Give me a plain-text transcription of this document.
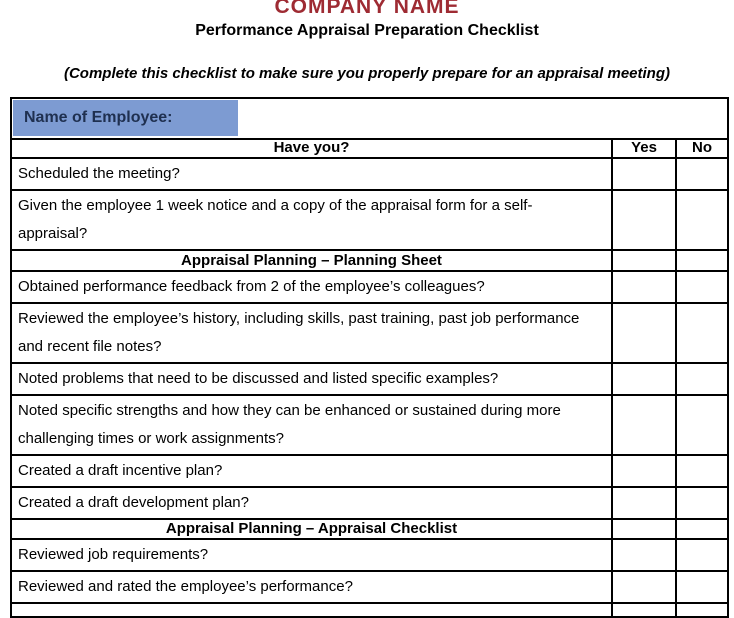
COMPANY NAME
Performance Appraisal Preparation Checklist
(Complete this checklist to make sure you properly prepare for an appraisal meeting)
Name of Employee:		

Have you?	Yes	No
Scheduled the meeting?		
Given the employee 1 week notice and a copy of the appraisal form for a self-appraisal?		
Appraisal Planning – Planning Sheet		
Obtained performance feedback from 2 of the employee’s colleagues?		
Reviewed the employee’s history, including skills, past training, past job performance and recent file notes?		
Noted problems that need to be discussed and listed specific examples?		
Noted specific strengths and how they can be enhanced or sustained during more challenging times or work assignments?		
Created a draft incentive plan?		
Created a draft development plan?		
Appraisal Planning – Appraisal Checklist		
Reviewed job requirements?		
Reviewed and rated the employee’s performance?		
